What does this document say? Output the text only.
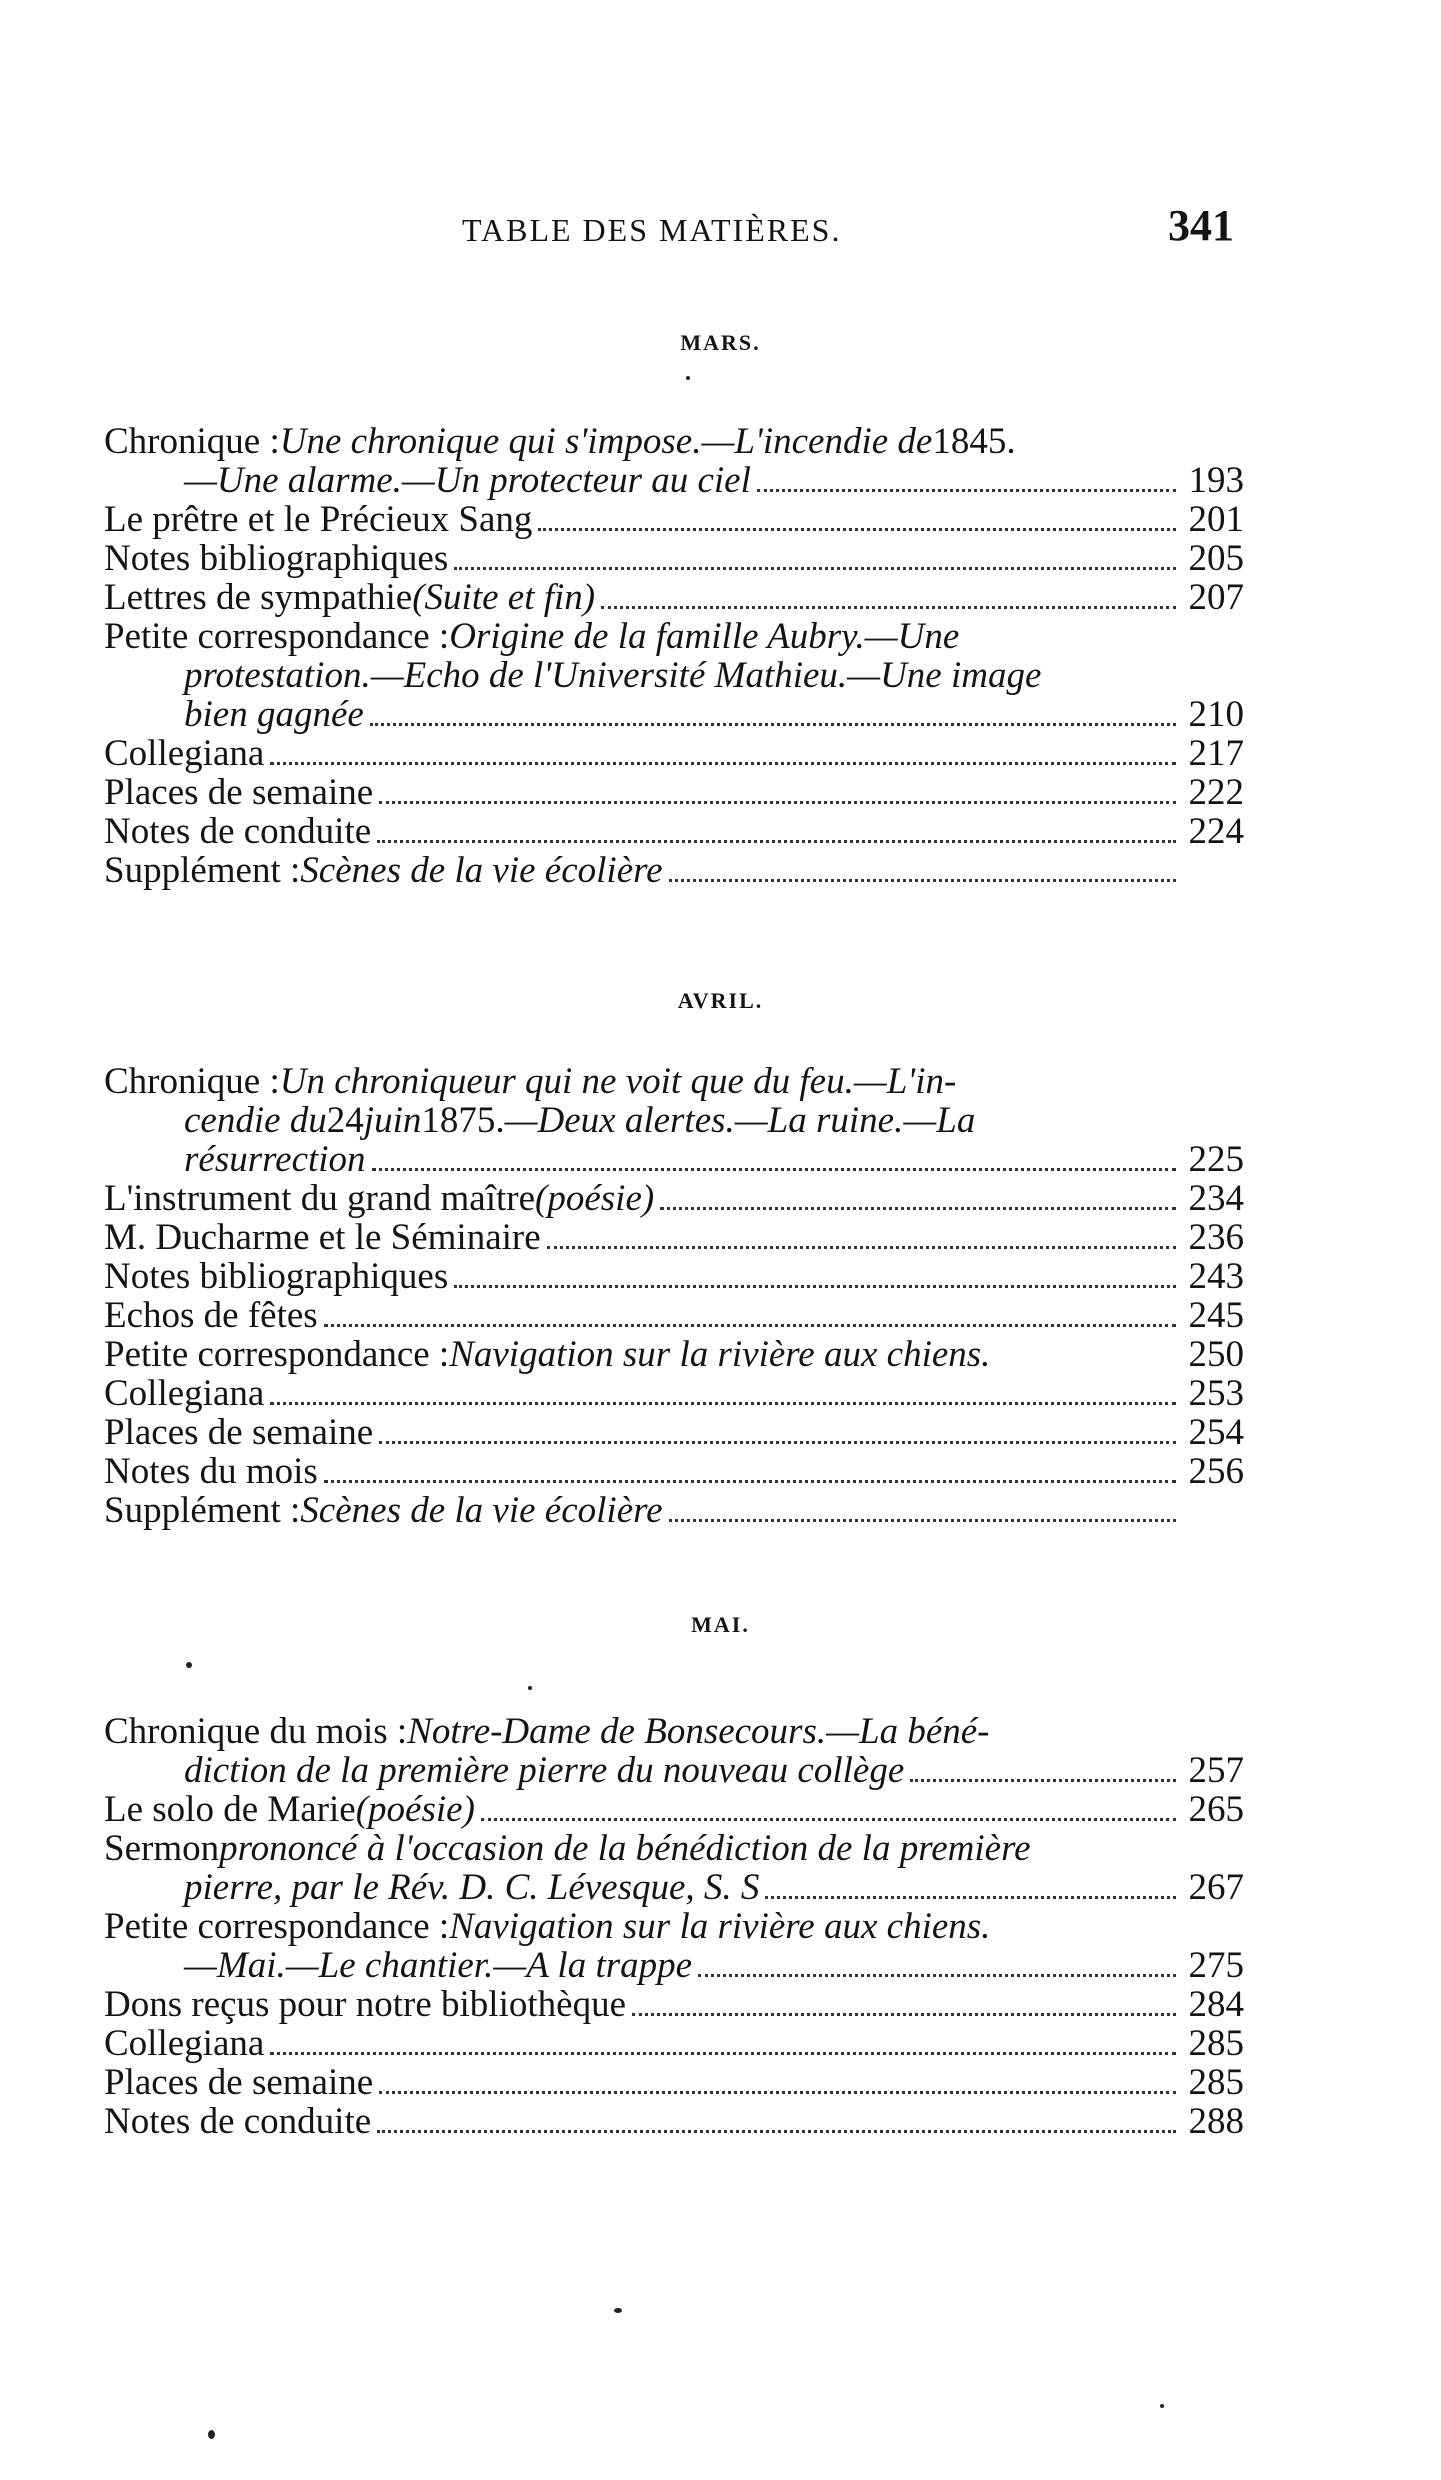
TABLE DES MATIÈRES.	341
MARS.
Chronique : Une chronique qui s'impose.—L'incendie de 1845.
—Une alarme.—Un protecteur au ciel	193
Le prêtre et le Précieux Sang	201
Notes bibliographiques	205
Lettres de sympathie (Suite et fin)	207
Petite correspondance : Origine de la famille Aubry.—Une
protestation.—Echo de l'Université Mathieu.—Une image
bien gagnée	210
Collegiana	217
Places de semaine	222
Notes de conduite	224
Supplément : Scènes de la vie écolière
AVRIL.
Chronique : Un chroniqueur qui ne voit que du feu.—L'in-
cendie du 24 juin 1875. —Deux alertes.—La ruine.—La
résurrection	225
L'instrument du grand maître (poésie)	234
M. Ducharme et le Séminaire	236
Notes bibliographiques	243
Echos de fêtes	245
Petite correspondance : Navigation sur la rivière aux chiens.	250
Collegiana	253
Places de semaine	254
Notes du mois	256
Supplément : Scènes de la vie écolière
MAI.
Chronique du mois : Notre-Dame de Bonsecours.—La béné-
diction de la première pierre du nouveau collège	257
Le solo de Marie (poésie)	265
Sermon prononcé à l'occasion de la bénédiction de la première
pierre, par le Rév. D. C. Lévesque, S. S	267
Petite correspondance : Navigation sur la rivière aux chiens.
—Mai.—Le chantier.—A la trappe	275
Dons reçus pour notre bibliothèque	284
Collegiana	285
Places de semaine	285
Notes de conduite	288
